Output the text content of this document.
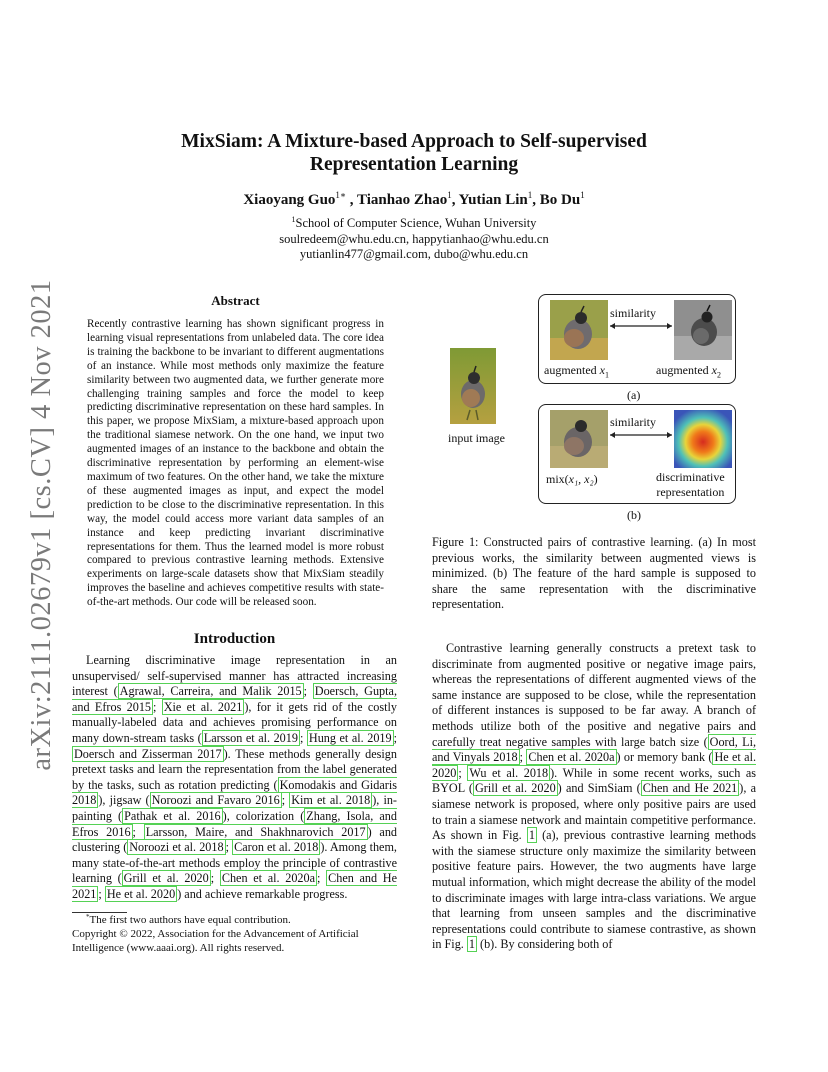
arXiv:2111.02679v1 [cs.CV] 4 Nov 2021
MixSiam: A Mixture-based Approach to Self-supervised
Representation Learning
Xiaoyang Guo$^{1∗}$ , Tianhao Zhao$^1$, Yutian Lin$^1$, Bo Du$^1$
$^1$School of Computer Science, Wuhan University
soulredeem@whu.edu.cn, happytianhao@whu.edu.cn
yutianlin477@gmail.com, dubo@whu.edu.cn
Abstract
Recently contrastive learning has shown significant progress in learning visual representations from unlabeled data. The core idea is training the backbone to be invariant to different augmentations of an instance. While most methods only maximize the feature similarity between two augmented data, we further generate more challenging training samples and force the model to keep predicting discriminative representation on these hard samples. In this paper, we propose MixSiam, a mixture-based approach upon the traditional siamese network. On the one hand, we input two augmented images of an instance to the backbone and obtain the discriminative representation by performing an element-wise maximum of two features. On the other hand, we take the mixture of these augmented images as input, and expect the model prediction to be close to the discriminative representation. In this way, the model could access more variant data samples of an instance and keep predicting invariant discriminative representations for them. Thus the learned model is more robust compared to previous contrastive learning methods. Extensive experiments on large-scale datasets show that MixSiam steadily improves the baseline and achieves competitive results with state-of-the-art methods. Our code will be released soon.
Introduction
Learning discriminative image representation in an unsupervised/ self-supervised manner has attracted increasing interest ( Agrawal, Carreira, and Malik 2015 ; Doersch, Gupta, and Efros 2015 ; Xie et al. 2021 ), for it gets rid of the costly manually-labeled data and achieves promising performance on many down-stream tasks ( Larsson et al. 2019 ; Hung et al. 2019 ; Doersch and Zisserman 2017 ). These methods generally design pretext tasks and learn the representation from the label generated by the tasks, such as rotation predicting ( Komodakis and Gidaris 2018 ), jigsaw ( Noroozi and Favaro 2016 ; Kim et al. 2018 ), in-painting ( Pathak et al. 2016 ), colorization ( Zhang, Isola, and Efros 2016 ; Larsson, Maire, and Shakhnarovich 2017 ) and clustering ( Noroozi et al. 2018 ; Caron et al. 2018 ). Among them, many state-of-the-art methods employ the principle of contrastive learning ( Grill et al. 2020 ; Chen et al. 2020a ; Chen and He 2021 ; He et al. 2020 ) and achieve remarkable progress.
*The first two authors have equal contribution.
Copyright © 2022, Association for the Advancement of Artificial
Intelligence (www.aaai.org). All rights reserved.
input image
similarity
augmented $x_1$	augmented $x_2$
(a)
similarity
mix(x₁, x₂)	discriminative
representation
(b)
Figure 1: Constructed pairs of contrastive learning. (a) In most previous works, the similarity between augmented views is minimized. (b) The feature of the hard sample is supposed to share the same representation with the discriminative representation.
Contrastive learning generally constructs a pretext task to discriminate from augmented positive or negative image pairs, whereas the representations of different augmented views of the same instance are supposed to be close, while the representation of different instances is supposed to be far away. A branch of methods utilize both of the positive and negative pairs and carefully treat negative samples with large batch size ( Oord, Li, and Vinyals 2018 ; Chen et al. 2020a ) or memory bank ( He et al. 2020 ; Wu et al. 2018 ). While in some recent works, such as BYOL ( Grill et al. 2020 ) and SimSiam ( Chen and He 2021 ), a siamese network is proposed, where only positive pairs are used to train a siamese network and maintain competitive performance. As shown in Fig. 1 (a), previous contrastive learning methods with the siamese structure only maximize the similarity between positive feature pairs. However, the two augments have large mutual information, which might decrease the ability of the model to discriminate images with large intra-class variations. We argue that learning from unseen samples and the discriminative representations could contribute to siamese contrastive, as shown in Fig. 1 (b). By considering both of
